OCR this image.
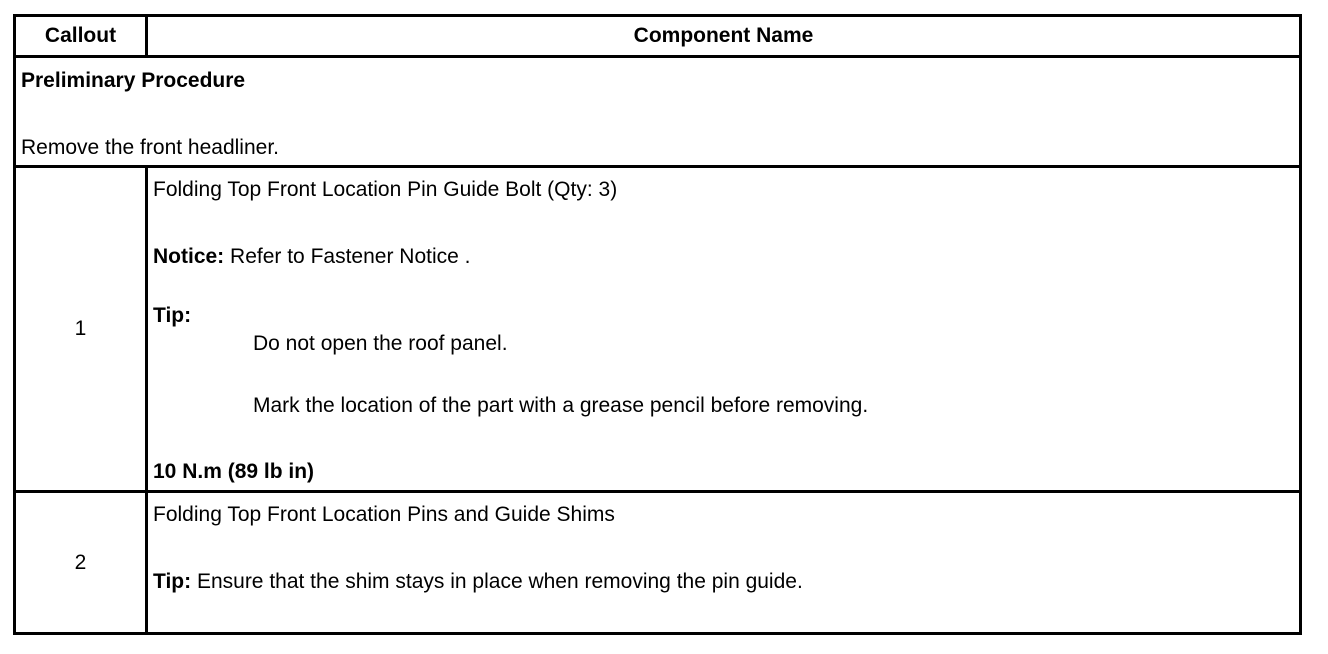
Callout	Component Name
Preliminary Procedure
Remove the front headliner.
1
Folding Top Front Location Pin Guide Bolt (Qty: 3)
Notice: Refer to Fastener Notice .
Tip:
Do not open the roof panel.
Mark the location of the part with a grease pencil before removing.
10 N.m (89 lb in)
2
Folding Top Front Location Pins and Guide Shims
Tip: Ensure that the shim stays in place when removing the pin guide.
